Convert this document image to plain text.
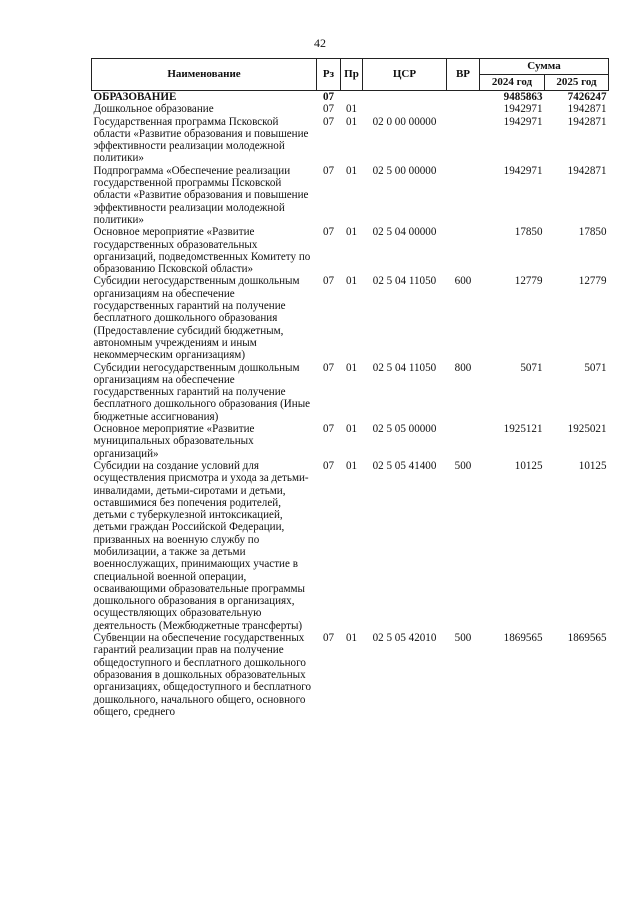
42
Наименование	Рз	Пр	ЦСР	ВР	Сумма	
					2024 год	2025 год
ОБРАЗОВАНИЕ	07				9485863	7426247
Дошкольное образование	07	01			1942971	1942871
Государственная программа Псковской области «Развитие образования и повышение эффективности реализации молодежной политики»	07	01	02 0 00 00000		1942971	1942871
Подпрограмма «Обеспечение реализации государственной программы Псковской области «Развитие образования и повышение эффективности реализации молодежной политики»	07	01	02 5 00 00000		1942971	1942871
Основное мероприятие «Развитие государственных образовательных организаций, подведомственных Комитету по образованию Псковской области»	07	01	02 5 04 00000		17850	17850
Субсидии негосударственным дошкольным организациям на обеспечение государственных гарантий на получение бесплатного дошкольного образования (Предоставление субсидий бюджетным, автономным учреждениям и иным некоммерческим организациям)	07	01	02 5 04 11050	600	12779	12779
Субсидии негосударственным дошкольным организациям на обеспечение государственных гарантий на получение бесплатного дошкольного образования (Иные бюджетные ассигнования)	07	01	02 5 04 11050	800	5071	5071
Основное мероприятие «Развитие муниципальных образовательных организаций»	07	01	02 5 05 00000		1925121	1925021
Субсидии на создание условий для осуществления присмотра и ухода за детьми-инвалидами, детьми-сиротами и детьми, оставшимися без попечения родителей, детьми с туберкулезной интоксикацией, детьми граждан Российской Федерации, призванных на военную службу по мобилизации, а также за детьми военнослужащих, принимающих участие в специальной военной операции, осваивающими образовательные программы дошкольного образования в организациях, осуществляющих образовательную деятельность (Межбюджетные трансферты)	07	01	02 5 05 41400	500	10125	10125
Субвенции на обеспечение государственных гарантий реализации прав на получение общедоступного и бесплатного дошкольного образования в дошкольных образовательных организациях, общедоступного и бесплатного дошкольного, начального общего, основного общего, среднего	07	01	02 5 05 42010	500	1869565	1869565
